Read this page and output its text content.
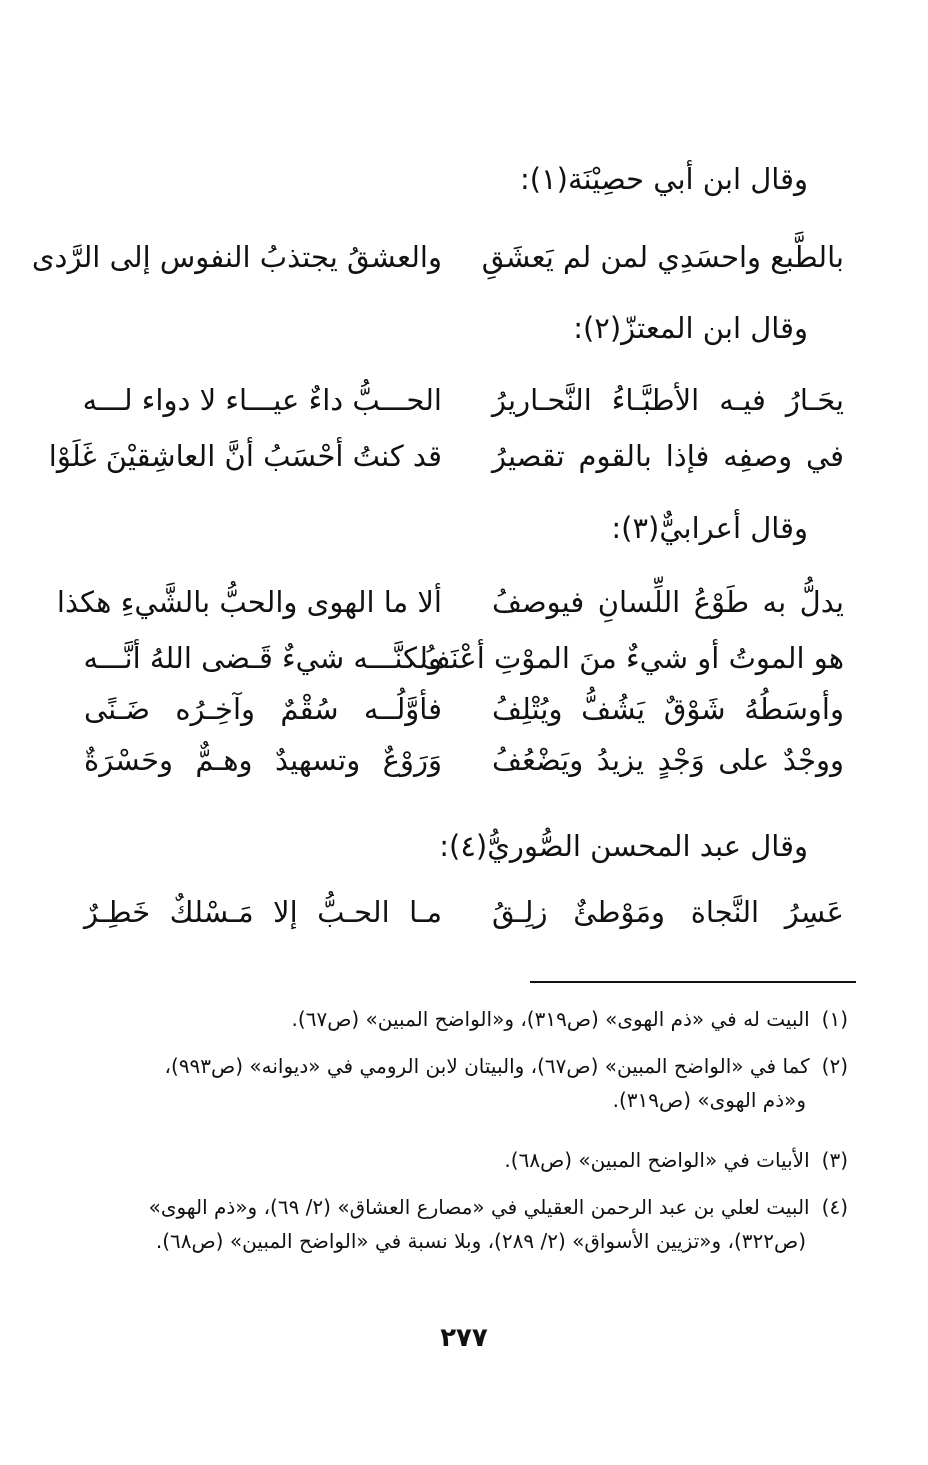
وقال ابن أبي حصِيْنَة(١):
والعشقُ يجتذبُ النفوس إلى الرَّدى بالطَّبع واحسَدِي لمن لم يَعشَقِ
وقال ابن المعتزّ(٢):
الحـــبُّ داءٌ عيـــاء لا دواء لـــه يحَـارُ فيـه الأطبَّـاءُ النَّحـاريرُ
قد كنتُ أحْسَبُ أنَّ العاشِقيْنَ غَلَوْا في وصفِه فإذا بالقوم تقصيرُ
وقال أعرابيٌّ(٣):
ألا ما الهوى والحبُّ بالشَّيءِ هكذا يدلُّ به طَوْعُ اللِّسانِ فيوصفُ
ولكنَّـــه شيءٌ قَـضى اللهُ أنَّـــه
هو الموتُ أو شيءٌ منَ الموْتِ أعْنَفُ
فأوَّلُــه سُقْمٌ وآخِـرُه ضَـنًى وأوسَطُهُ شَوْقٌ يَشُفُّ ويُتْلِفُ
وَرَوْعٌ وتسهيدٌ وهـمٌّ وحَسْرَةٌ ووجْدٌ على وَجْدٍ يزيدُ ويَضْعُفُ
وقال عبد المحسن الصُّوريُّ(٤):
مـا الحـبُّ إلا مَـسْلكٌ خَطِـرٌ عَسِرُ النَّجاة ومَوْطئٌ زلِـقُ
(١)البيت له في «ذم الهوى» (ص٣١٩)، و«الواضح المبين» (ص٦٧).
(٢)كما في «الواضح المبين» (ص٦٧)، والبيتان لابن الرومي في «ديوانه» (ص٩٩٣)،
و«ذم الهوى» (ص٣١٩).
(٣)الأبيات في «الواضح المبين» (ص٦٨).
(٤)البيت لعلي بن عبد الرحمن العقيلي في «مصارع العشاق» (٢/ ٦٩)، و«ذم الهوى»
(ص٣٢٢)، و«تزيين الأسواق» (٢/ ٢٨٩)، وبلا نسبة في «الواضح المبين» (ص٦٨).
٢٧٧
